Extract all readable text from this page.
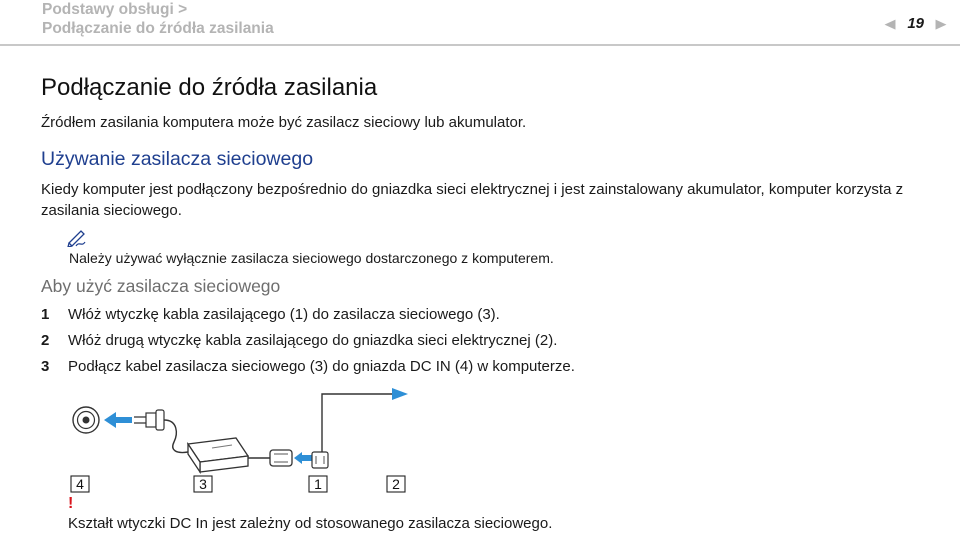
Podstawy obsługi >
Podłączanie do źródła zasilania	◀ 19 ▶
Podłączanie do źródła zasilania
Źródłem zasilania komputera może być zasilacz sieciowy lub akumulator.
Używanie zasilacza sieciowego
Kiedy komputer jest podłączony bezpośrednio do gniazdka sieci elektrycznej i jest zainstalowany akumulator, komputer korzysta z zasilania sieciowego.
Należy używać wyłącznie zasilacza sieciowego dostarczonego z komputerem.
Aby użyć zasilacza sieciowego
1	Włóż wtyczkę kabla zasilającego (1) do zasilacza sieciowego (3).
2	Włóż drugą wtyczkę kabla zasilającego do gniazdka sieci elektrycznej (2).
3	Podłącz kabel zasilacza sieciowego (3) do gniazda DC IN (4) w komputerze.
4	3	1	2
!
Kształt wtyczki DC In jest zależny od stosowanego zasilacza sieciowego.
